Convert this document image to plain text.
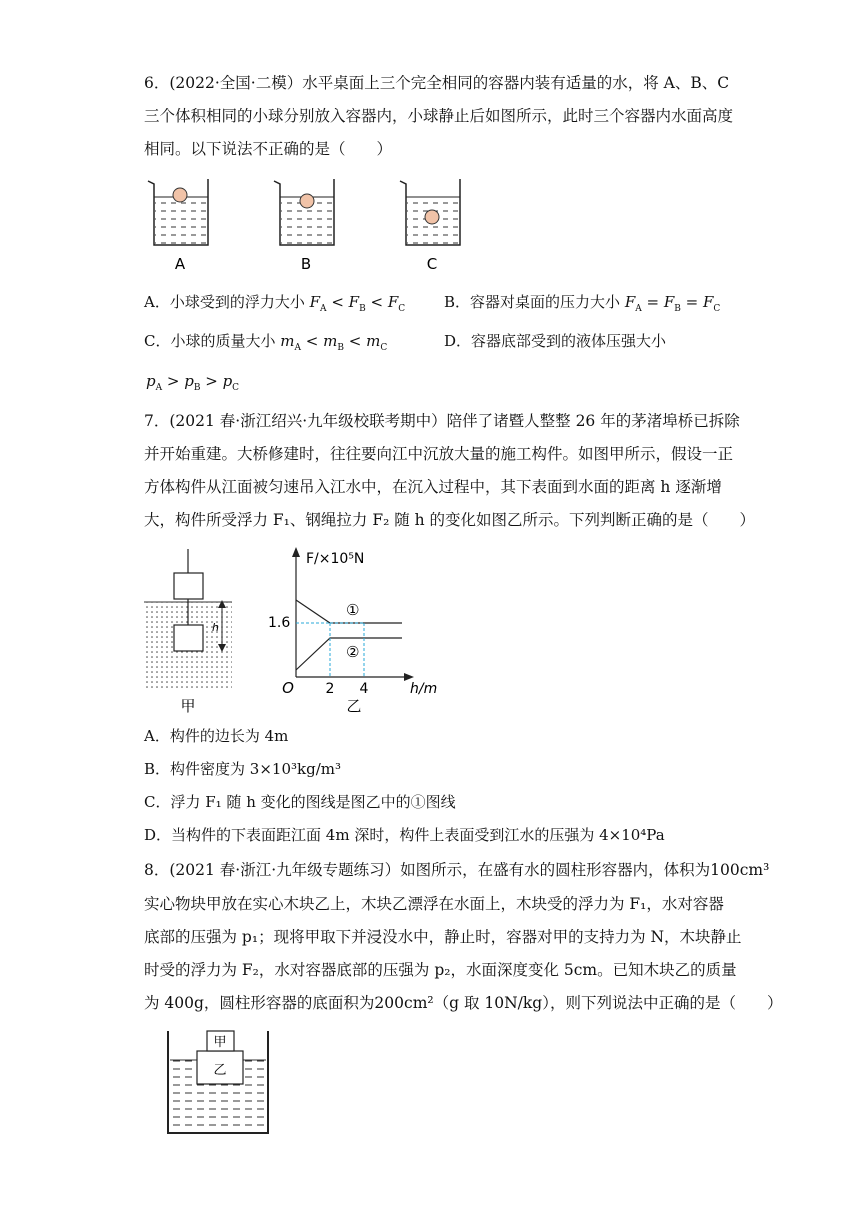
6．(2022·全国·二模）水平桌面上三个完全相同的容器内装有适量的水，将 A、B、C
三个体积相同的小球分别放入容器内，小球静止后如图所示，此时三个容器内水面高度
相同。以下说法不正确的是（　　）
A	B	C
A．小球受到的浮力大小 $F_A < F_B < F_C$	B．容器对桌面的压力大小 $F_A = F_B = F_C$
C．小球的质量大小 $m_A < m_B < m_C$	D．容器底部受到的液体压强大小
$p_A > p_B > p_C$
7．(2021 春·浙江绍兴·九年级校联考期中）陪伴了诸暨人整整 26 年的茅渚埠桥已拆除
并开始重建。大桥修建时，往往要向江中沉放大量的施工构件。如图甲所示，假设一正
方体构件从江面被匀速吊入江水中，在沉入过程中，其下表面到水面的距离 h 逐渐增
大，构件所受浮力 F₁、钢绳拉力 F₂ 随 h 的变化如图乙所示。下列判断正确的是（　　）
h
甲
F/×10⁵N
1.6
①
②
O 2 4	h/m
乙
A．构件的边长为 4m
B．构件密度为 3×10³kg/m³
C．浮力 F₁ 随 h 变化的图线是图乙中的①图线
D．当构件的下表面距江面 4m 深时，构件上表面受到江水的压强为 4×10⁴Pa
8．(2021 春·浙江·九年级专题练习）如图所示，在盛有水的圆柱形容器内，体积为100cm³
实心物块甲放在实心木块乙上，木块乙漂浮在水面上，木块受的浮力为 F₁，水对容器
底部的压强为 p₁；现将甲取下并浸没水中，静止时，容器对甲的支持力为 N，木块静止
时受的浮力为 F₂，水对容器底部的压强为 p₂，水面深度变化 5cm。已知木块乙的质量
为 400g，圆柱形容器的底面积为200cm²（g 取 10N/kg），则下列说法中正确的是（　　）
甲
乙
